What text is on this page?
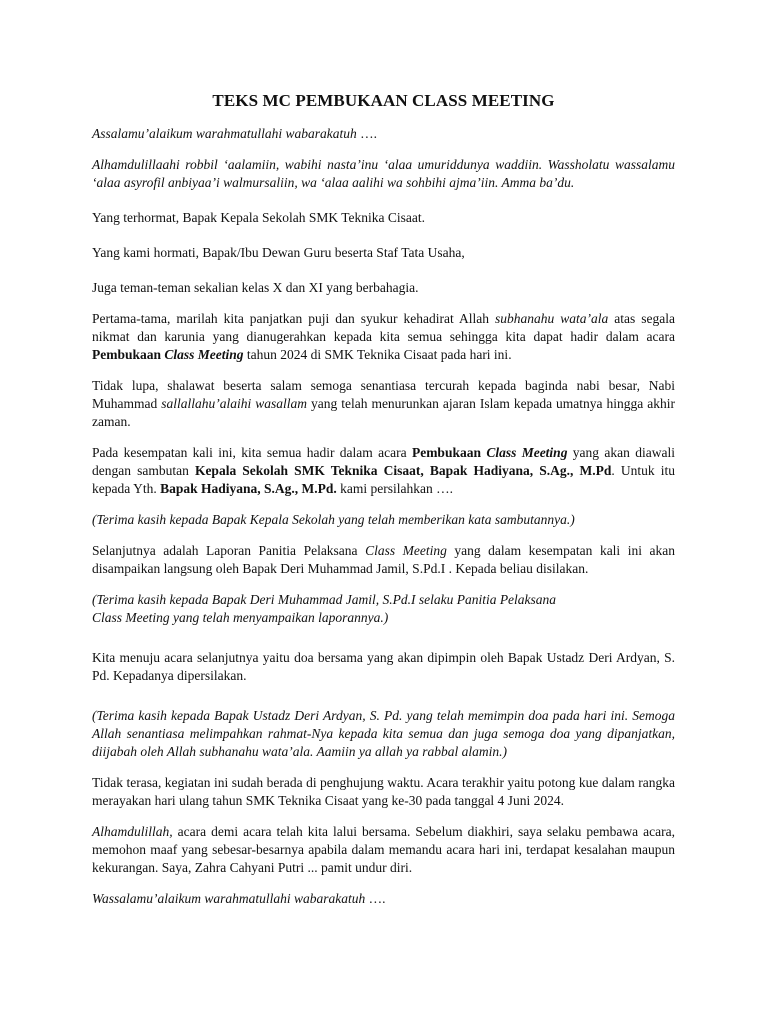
TEKS MC PEMBUKAAN CLASS MEETING

Assalamu’alaikum warahmatullahi wabarakatuh ….

Alhamdulillaahi robbil ‘aalamiin, wabihi nasta’inu ‘alaa umuriddunya waddiin. Wassholatu wassalamu ‘alaa asyrofil anbiyaa’i walmursaliin, wa ‘alaa aalihi wa sohbihi ajma’iin. Amma ba’du.

Yang terhormat, Bapak Kepala Sekolah SMK Teknika Cisaat.

Yang kami hormati, Bapak/Ibu Dewan Guru beserta Staf Tata Usaha,

Juga teman-teman sekalian kelas X dan XI yang berbahagia.

Pertama-tama, marilah kita panjatkan puji dan syukur kehadirat Allah subhanahu wata’ala atas segala nikmat dan karunia yang dianugerahkan kepada kita semua sehingga kita dapat hadir dalam acara Pembukaan Class Meeting tahun 2024 di SMK Teknika Cisaat pada hari ini.

Tidak lupa, shalawat beserta salam semoga senantiasa tercurah kepada baginda nabi besar, Nabi Muhammad sallallahu’alaihi wasallam yang telah menurunkan ajaran Islam kepada umatnya hingga akhir zaman.

Pada kesempatan kali ini, kita semua hadir dalam acara Pembukaan Class Meeting yang akan diawali dengan sambutan Kepala Sekolah SMK Teknika Cisaat, Bapak Hadiyana, S.Ag., M.Pd. Untuk itu kepada Yth. Bapak Hadiyana, S.Ag., M.Pd. kami persilahkan ….

(Terima kasih kepada Bapak Kepala Sekolah yang telah memberikan kata sambutannya.)

Selanjutnya adalah Laporan Panitia Pelaksana Class Meeting yang dalam kesempatan kali ini akan disampaikan langsung oleh Bapak Deri Muhammad Jamil, S.Pd.I . Kepada beliau disilakan.

(Terima kasih kepada Bapak Deri Muhammad Jamil, S.Pd.I selaku Panitia Pelaksana
Class Meeting yang telah menyampaikan laporannya.)

Kita menuju acara selanjutnya yaitu doa bersama yang akan dipimpin oleh Bapak Ustadz Deri Ardyan, S. Pd. Kepadanya dipersilakan.

(Terima kasih kepada Bapak Ustadz Deri Ardyan, S. Pd. yang telah memimpin doa pada hari ini. Semoga Allah senantiasa melimpahkan rahmat-Nya kepada kita semua dan juga semoga doa yang dipanjatkan, diijabah oleh Allah subhanahu wata’ala. Aamiin ya allah ya rabbal alamin.)

Tidak terasa, kegiatan ini sudah berada di penghujung waktu. Acara terakhir yaitu potong kue dalam rangka merayakan hari ulang tahun SMK Teknika Cisaat yang ke-30 pada tanggal 4 Juni 2024.

Alhamdulillah, acara demi acara telah kita lalui bersama. Sebelum diakhiri, saya selaku pembawa acara, memohon maaf yang sebesar-besarnya apabila dalam memandu acara hari ini, terdapat kesalahan maupun kekurangan. Saya, Zahra Cahyani Putri ... pamit undur diri.

Wassalamu’alaikum warahmatullahi wabarakatuh ….
